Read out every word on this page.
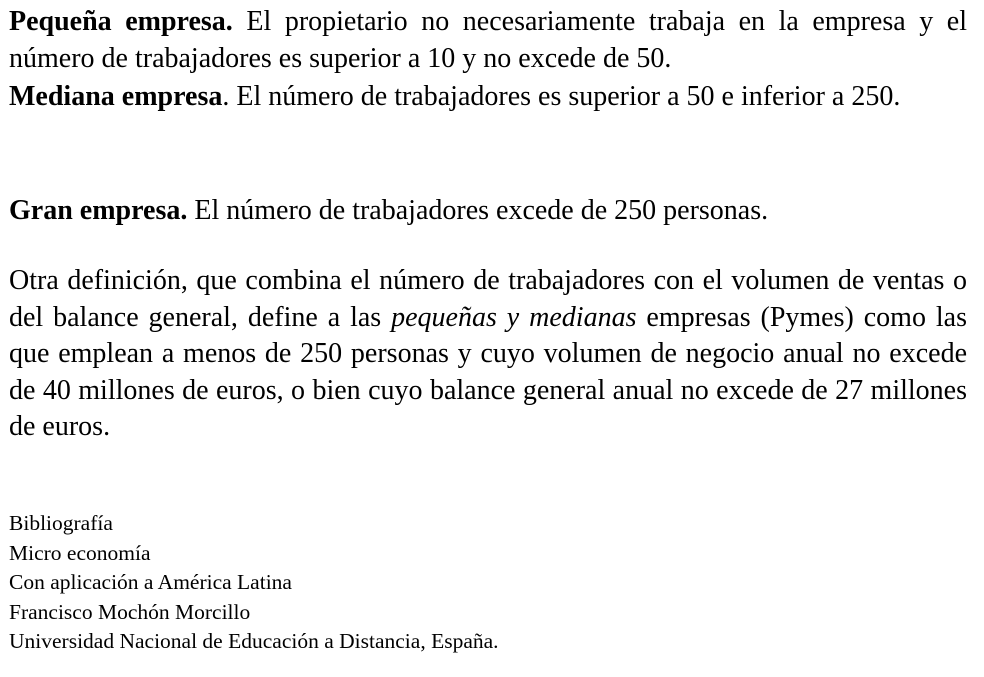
Pequeña empresa. El propietario no necesariamente trabaja en la empresa y el número de trabajadores es superior a 10 y no excede de 50.

Mediana empresa. El número de trabajadores es superior a 50 e inferior a 250.

Gran empresa. El número de trabajadores excede de 250 personas.

Otra definición, que combina el número de trabajadores con el volumen de ventas o del balance general, define a las pequeñas y medianas empresas (Pymes) como las que emplean a menos de 250 personas y cuyo volumen de negocio anual no excede de 40 millones de euros, o bien cuyo balance general anual no excede de 27 millones de euros.

Bibliografía
Micro economía
Con aplicación a América Latina
Francisco Mochón Morcillo
Universidad Nacional de Educación a Distancia, España.
